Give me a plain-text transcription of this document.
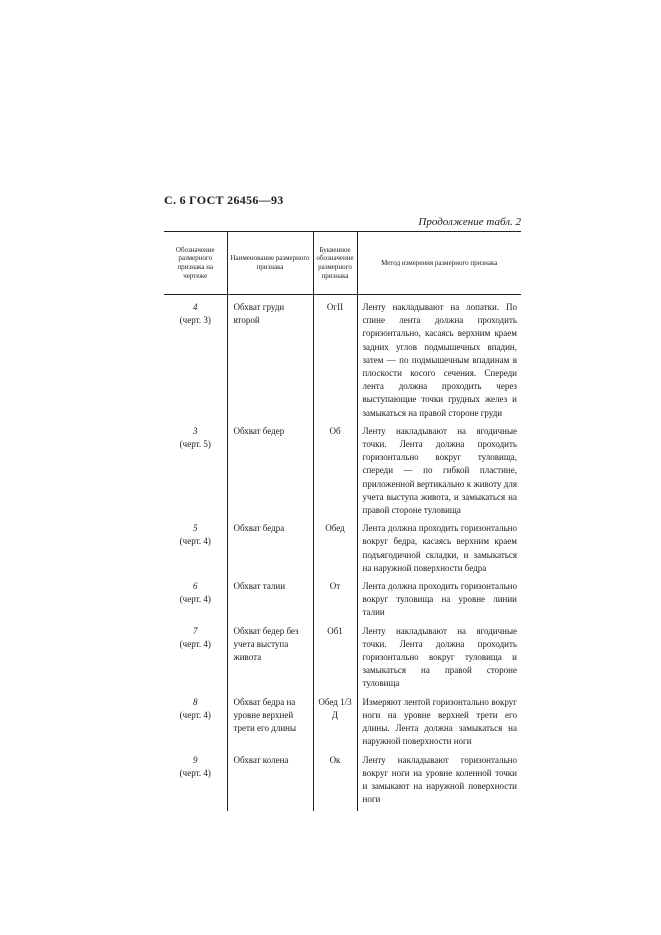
С. 6 ГОСТ 26456—93
Продолжение табл. 2
Обозначение размерного признака на чертеже	Наименование размерного признака	Буквенное обозначение размерного признака	Метод измерения размерного признака

4
(черт. 3)	Обхват груди второй	ОгII	Ленту накладывают на лопатки. По спине лента должна проходить горизонтально, касаясь верхним краем задних углов подмышечных впадин, затем — по подмышечным впадинам в плоскости косого сечения. Спереди лента должна проходить через выступающие точки грудных желез и замыкаться на правой стороне груди

3
(черт. 5)	Обхват бедер	Об	Ленту накладывают на ягодичные точки. Лента должна проходить горизонтально вокруг туловища, спереди — по гибкой пластине, приложенной вертикально к животу для учета выступа живота, и замыкаться на правой стороне туловища

5
(черт. 4)	Обхват бедра	Обед	Лента должна проходить горизонтально вокруг бедра, касаясь верхним краем подъягодичной складки, и замыкаться на наружной поверхности бедра

6
(черт. 4)	Обхват талии	От	Лента должна проходить горизонтально вокруг туловища на уровне линии талии

7
(черт. 4)	Обхват бедер без учета выступа живота	Об1	Ленту накладывают на ягодичные точки. Лента должна проходить горизонтально вокруг туловища и замыкаться на правой стороне туловища

8
(черт. 4)	Обхват бедра на уровне верхней трети его длины	Обед 1/3 Д	Измеряют лентой горизонтально вокруг ноги на уровне верхней трети его длины. Лента должна замыкаться на наружной поверхности ноги

9
(черт. 4)	Обхват колена	Ок	Ленту накладывают горизонтально вокруг ноги на уровне коленной точки и замыкают на наружной поверхности ноги
